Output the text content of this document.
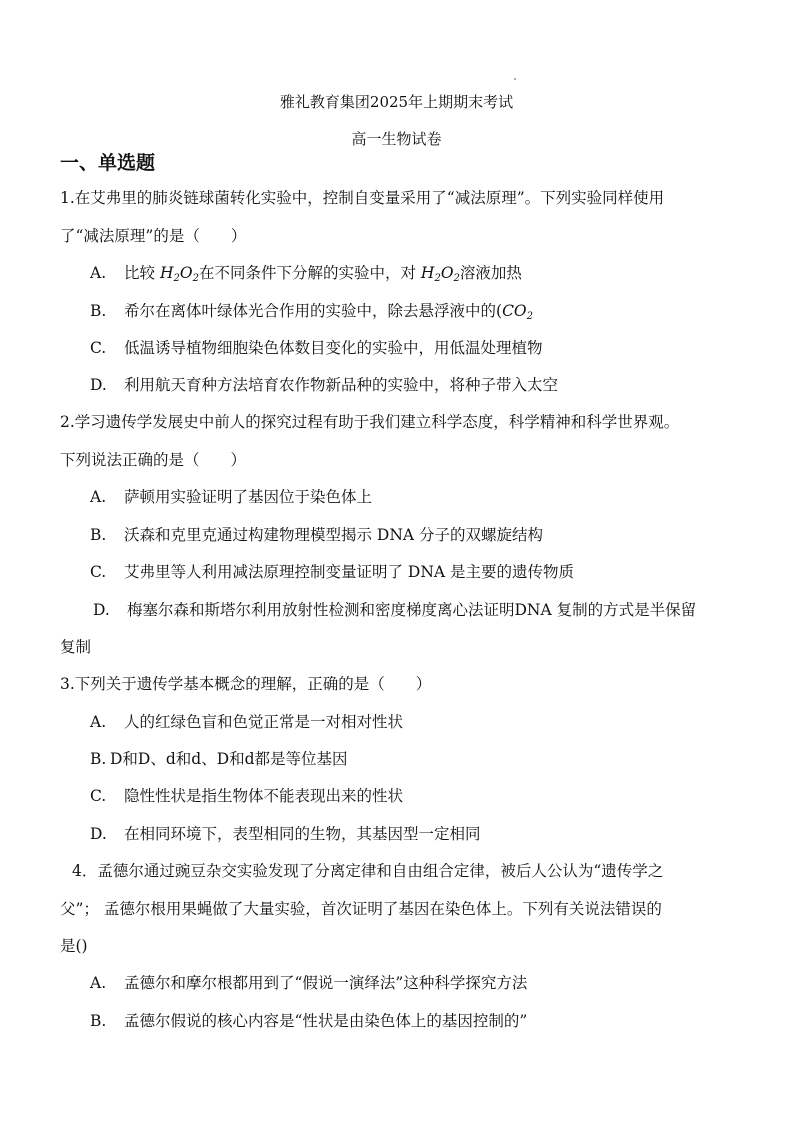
雅礼教育集团2025年上期期末考试
高一生物试卷
一、单选题
1.在艾弗里的肺炎链球菌转化实验中，控制自变量采用了“减法原理”。下列实验同样使用
了“减法原理”的是（　　）
A. 比较 $H_2O_2$在不同条件下分解的实验中，对 $H_2O_2$溶液加热
B. 希尔在离体叶绿体光合作用的实验中，除去悬浮液中的($CO_2$
C. 低温诱导植物细胞染色体数目变化的实验中，用低温处理植物
D. 利用航天育种方法培育农作物新品种的实验中，将种子带入太空
2.学习遗传学发展史中前人的探究过程有助于我们建立科学态度，科学精神和科学世界观。
下列说法正确的是（　　）
A. 萨顿用实验证明了基因位于染色体上
B. 沃森和克里克通过构建物理模型揭示 DNA 分子的双螺旋结构
C. 艾弗里等人利用减法原理控制变量证明了 DNA 是主要的遗传物质
D. 梅塞尔森和斯塔尔利用放射性检测和密度梯度离心法证明DNA 复制的方式是半保留
复制
3.下列关于遗传学基本概念的理解，正确的是（　　）
A. 人的红绿色盲和色觉正常是一对相对性状
B. D和D、d和d、D和d都是等位基因
C. 隐性性状是指生物体不能表现出来的性状
D. 在相同环境下，表型相同的生物，其基因型一定相同
4．孟德尔通过豌豆杂交实验发现了分离定律和自由组合定律，被后人公认为“遗传学之
父”； 孟德尔根用果蝇做了大量实验，首次证明了基因在染色体上。下列有关说法错误的
是()
A. 孟德尔和摩尔根都用到了“假说一演绎法”这种科学探究方法
B. 孟德尔假说的核心内容是“性状是由染色体上的基因控制的”
